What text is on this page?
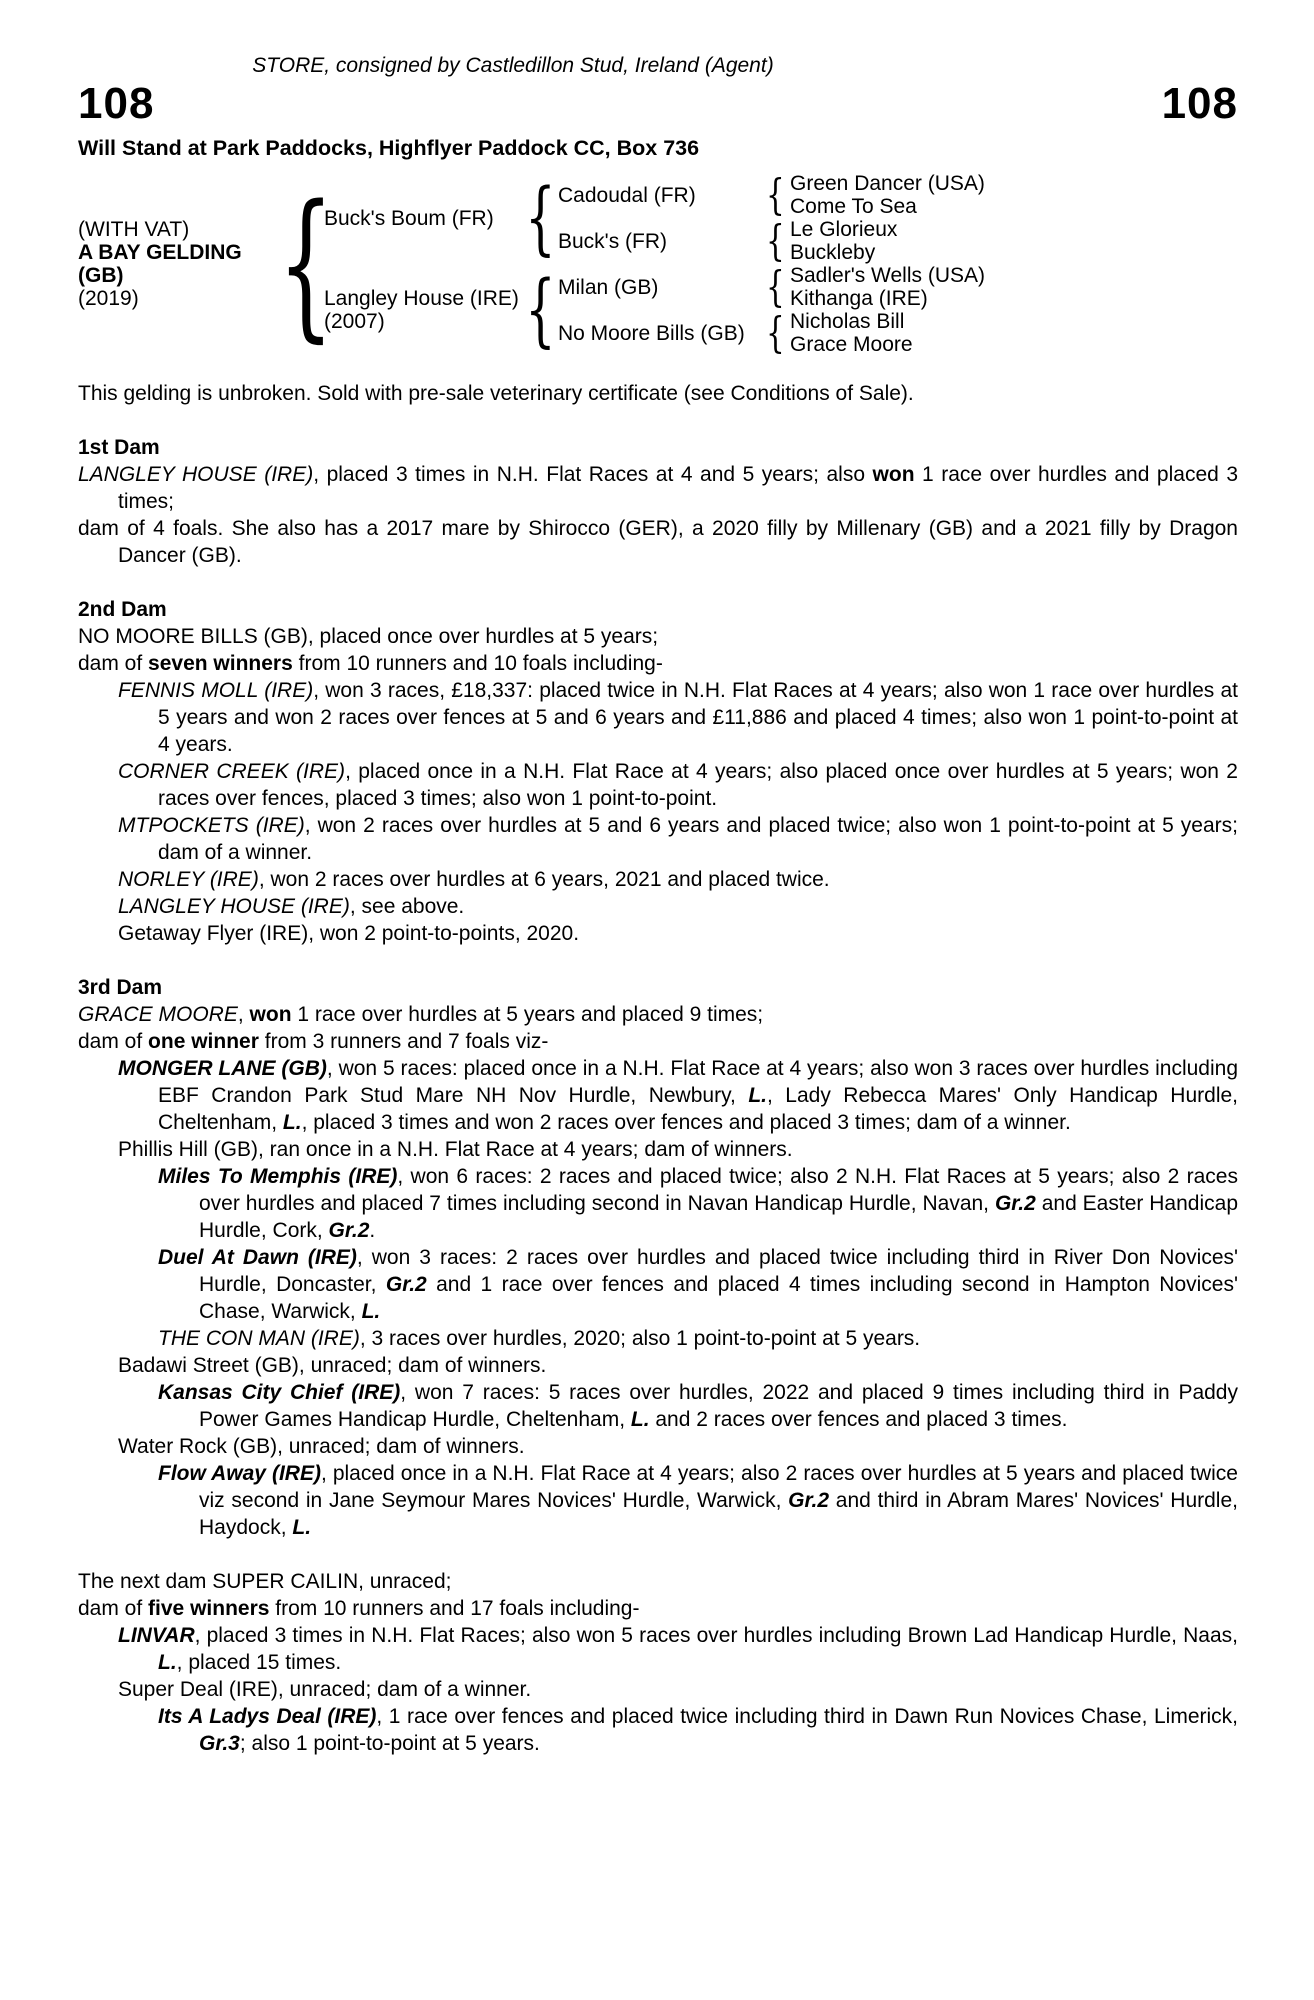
STORE, consigned by Castledillon Stud, Ireland (Agent)
108	108
Will Stand at Park Paddocks, Highflyer Paddock CC, Box 736
(WITH VAT)
A BAY GELDING
(GB)
(2019)
{
Buck's Boum (FR)
Langley House (IRE)
(2007)
{
{
Cadoudal (FR)
Buck's (FR)
Milan (GB)
No Moore Bills (GB)
{
{
{
{
Green Dancer (USA)
Come To Sea
Le Glorieux
Buckleby
Sadler's Wells (USA)
Kithanga (IRE)
Nicholas Bill
Grace Moore

This gelding is unbroken. Sold with pre-sale veterinary certificate (see Conditions of Sale).

1st Dam

LANGLEY HOUSE (IRE), placed 3 times in N.H. Flat Races at 4 and 5 years; also won 1 race over hurdles and placed 3 times;

dam of 4 foals. She also has a 2017 mare by Shirocco (GER), a 2020 filly by Millenary (GB) and a 2021 filly by Dragon Dancer (GB).

2nd Dam

NO MOORE BILLS (GB), placed once over hurdles at 5 years;

dam of seven winners from 10 runners and 10 foals including-

FENNIS MOLL (IRE), won 3 races, £18,337: placed twice in N.H. Flat Races at 4 years; also won 1 race over hurdles at 5 years and won 2 races over fences at 5 and 6 years and £11,886 and placed 4 times; also won 1 point-to-point at 4 years.

CORNER CREEK (IRE), placed once in a N.H. Flat Race at 4 years; also placed once over hurdles at 5 years; won 2 races over fences, placed 3 times; also won 1 point-to-point.

MTPOCKETS (IRE), won 2 races over hurdles at 5 and 6 years and placed twice; also won 1 point-to-point at 5 years; dam of a winner.

NORLEY (IRE), won 2 races over hurdles at 6 years, 2021 and placed twice.

LANGLEY HOUSE (IRE), see above.

Getaway Flyer (IRE), won 2 point-to-points, 2020.

3rd Dam

GRACE MOORE, won 1 race over hurdles at 5 years and placed 9 times;

dam of one winner from 3 runners and 7 foals viz-

MONGER LANE (GB), won 5 races: placed once in a N.H. Flat Race at 4 years; also won 3 races over hurdles including EBF Crandon Park Stud Mare NH Nov Hurdle, Newbury, L., Lady Rebecca Mares' Only Handicap Hurdle, Cheltenham, L., placed 3 times and won 2 races over fences and placed 3 times; dam of a winner.

Phillis Hill (GB), ran once in a N.H. Flat Race at 4 years; dam of winners.

Miles To Memphis (IRE), won 6 races: 2 races and placed twice; also 2 N.H. Flat Races at 5 years; also 2 races over hurdles and placed 7 times including second in Navan Handicap Hurdle, Navan, Gr.2 and Easter Handicap Hurdle, Cork, Gr.2.

Duel At Dawn (IRE), won 3 races: 2 races over hurdles and placed twice including third in River Don Novices' Hurdle, Doncaster, Gr.2 and 1 race over fences and placed 4 times including second in Hampton Novices' Chase, Warwick, L.

THE CON MAN (IRE), 3 races over hurdles, 2020; also 1 point-to-point at 5 years.

Badawi Street (GB), unraced; dam of winners.

Kansas City Chief (IRE), won 7 races: 5 races over hurdles, 2022 and placed 9 times including third in Paddy Power Games Handicap Hurdle, Cheltenham, L. and 2 races over fences and placed 3 times.

Water Rock (GB), unraced; dam of winners.

Flow Away (IRE), placed once in a N.H. Flat Race at 4 years; also 2 races over hurdles at 5 years and placed twice viz second in Jane Seymour Mares Novices' Hurdle, Warwick, Gr.2 and third in Abram Mares' Novices' Hurdle, Haydock, L.

The next dam SUPER CAILIN, unraced;

dam of five winners from 10 runners and 17 foals including-

LINVAR, placed 3 times in N.H. Flat Races; also won 5 races over hurdles including Brown Lad Handicap Hurdle, Naas, L., placed 15 times.

Super Deal (IRE), unraced; dam of a winner.

Its A Ladys Deal (IRE), 1 race over fences and placed twice including third in Dawn Run Novices Chase, Limerick, Gr.3; also 1 point-to-point at 5 years.
